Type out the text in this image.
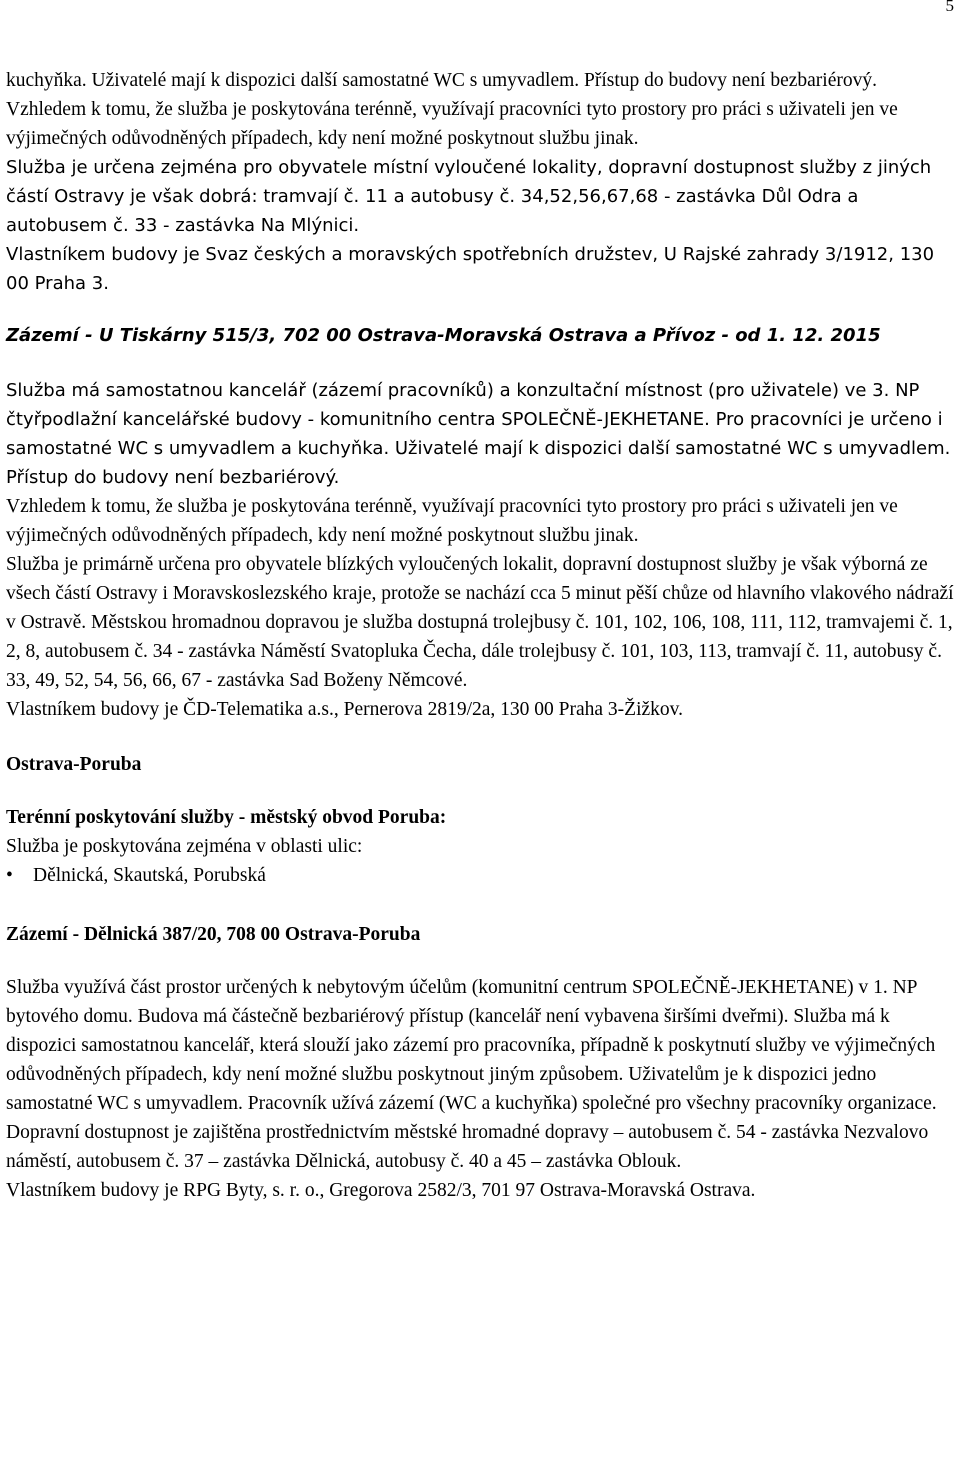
5

kuchyňka. Uživatelé mají k dispozici další samostatné WC s umyvadlem. Přístup do budovy není bezbariérový.

Vzhledem k tomu, že služba je poskytována terénně, využívají pracovníci tyto prostory pro práci s uživateli jen ve výjimečných odůvodněných případech, kdy není možné poskytnout službu jinak.

Služba je určena zejména pro obyvatele místní vyloučené lokality, dopravní dostupnost služby z jiných částí Ostravy je však dobrá: tramvají č. 11 a autobusy č. 34,52,56,67,68 - zastávka Důl Odra a autobusem č. 33 - zastávka Na Mlýnici.

Vlastníkem budovy je Svaz českých a moravských spotřebních družstev, U Rajské zahrady 3/1912, 130 00 Praha 3.

Zázemí - U Tiskárny 515/3, 702 00 Ostrava-Moravská Ostrava a Přívoz - od 1. 12. 2015

Služba má samostatnou kancelář (zázemí pracovníků) a konzultační místnost (pro uživatele) ve 3. NP čtyřpodlažní kancelářské budovy - komunitního centra SPOLEČNĚ-JEKHETANE. Pro pracovníci je určeno i samostatné WC s umyvadlem a kuchyňka. Uživatelé mají k dispozici další samostatné WC s umyvadlem. Přístup do budovy není bezbariérový.

Vzhledem k tomu, že služba je poskytována terénně, využívají pracovníci tyto prostory pro práci s uživateli jen ve výjimečných odůvodněných případech, kdy není možné poskytnout službu jinak.

Služba je primárně určena pro obyvatele blízkých vyloučených lokalit, dopravní dostupnost služby je však výborná ze všech částí Ostravy i Moravskoslezského kraje, protože se nachází cca 5 minut pěší chůze od hlavního vlakového nádraží v Ostravě. Městskou hromadnou dopravou je služba dostupná trolejbusy č. 101, 102, 106, 108, 111, 112, tramvajemi č. 1, 2, 8, autobusem č. 34 - zastávka Náměstí Svatopluka Čecha, dále trolejbusy č. 101, 103, 113, tramvají č. 11, autobusy č. 33, 49, 52, 54, 56, 66, 67 - zastávka Sad Boženy Němcové.

Vlastníkem budovy je ČD-Telematika a.s., Pernerova 2819/2a, 130 00 Praha 3-Žižkov.

Ostrava-Poruba

Terénní poskytování služby - městský obvod Poruba:

Služba je poskytována zejména v oblasti ulic:

• Dělnická, Skautská, Porubská

Zázemí - Dělnická 387/20, 708 00 Ostrava-Poruba

Služba využívá část prostor určených k nebytovým účelům (komunitní centrum SPOLEČNĚ-JEKHETANE) v 1. NP bytového domu. Budova má částečně bezbariérový přístup (kancelář není vybavena širšími dveřmi). Služba má k dispozici samostatnou kancelář, která slouží jako zázemí pro pracovníka, případně k poskytnutí služby ve výjimečných odůvodněných případech, kdy není možné službu poskytnout jiným způsobem. Uživatelům je k dispozici jedno samostatné WC s umyvadlem. Pracovník užívá zázemí (WC a kuchyňka) společné pro všechny pracovníky organizace.

Dopravní dostupnost je zajištěna prostřednictvím městské hromadné dopravy – autobusem č. 54 - zastávka Nezvalovo náměstí, autobusem č. 37 – zastávka Dělnická, autobusy č. 40 a 45 – zastávka Oblouk.

Vlastníkem budovy je RPG Byty, s. r. o., Gregorova 2582/3, 701 97 Ostrava-Moravská Ostrava.
